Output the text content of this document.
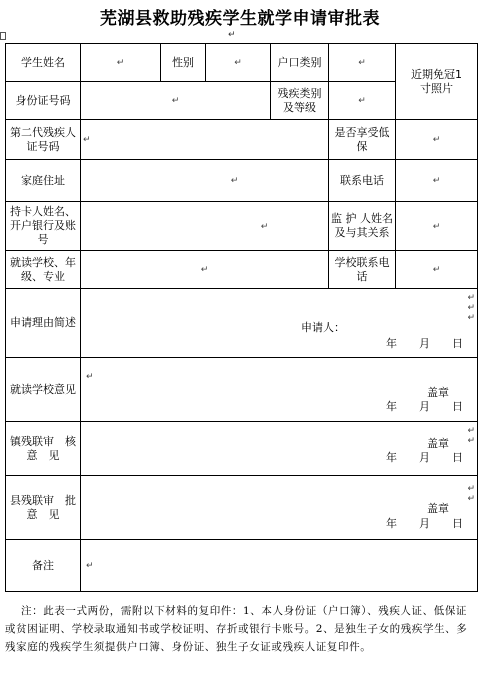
芜湖县救助残疾学生就学申请审批表
↵
学生姓名	↵	性别	↵	户口类别	↵	近期免冠1寸照片

身份证号码	↵			残疾类别及等级	↵	
第二代残疾人证号码	↵				是否享受低保	↵
家庭住址	↵				联系电话	↵
持卡人姓名、开户银行及账号	↵				监 护 人姓名及与其关系	↵
就读学校、年级、专业	↵				学校联系电　话	↵
申请理由简述	↵
↵
↵
申请人：
年　　 月　　 日					

就读学校意见	↵
盖章
年　　 月　　 日					

镇残联审　核意　见	↵
↵
盖章
年　　 月　　 日					

县残联审　批意　见	↵
↵
盖章
年　　 月　　 日					

备注	↵					
注：此表一式两份，需附以下材料的复印件：1、本人身份证（户口簿）、残疾人证、低保证或贫困证明、学校录取通知书或学校证明、存折或银行卡账号。2、是独生子女的残疾学生、多残家庭的残疾学生须提供户口簿、身份证、独生子女证或残疾人证复印件。
